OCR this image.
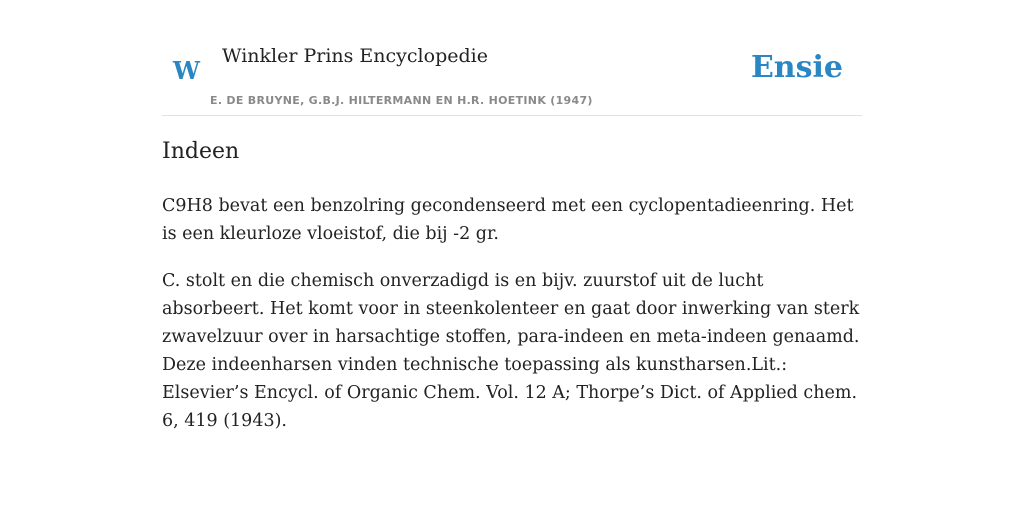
W Winkler Prins Encyclopedie
E. DE BRUYNE, G.B.J. HILTERMANN EN H.R. HOETINK (1947)
Ensie
Indeen

C9H8 bevat een benzolring gecondenseerd met een cyclopentadieenring. Het is een kleurloze vloeistof, die bij -2 gr.

C. stolt en die chemisch onverzadigd is en bijv. zuurstof uit de lucht absorbeert. Het komt voor in steenkolenteer en gaat door inwerking van sterk zwavelzuur over in harsachtige stoffen, para-indeen en meta-indeen genaamd. Deze indeenharsen vinden technische toepassing als kunstharsen.Lit.: Elsevier’s Encycl. of Organic Chem. Vol. 12 A; Thorpe’s Dict. of Applied chem. 6, 419 (1943).
